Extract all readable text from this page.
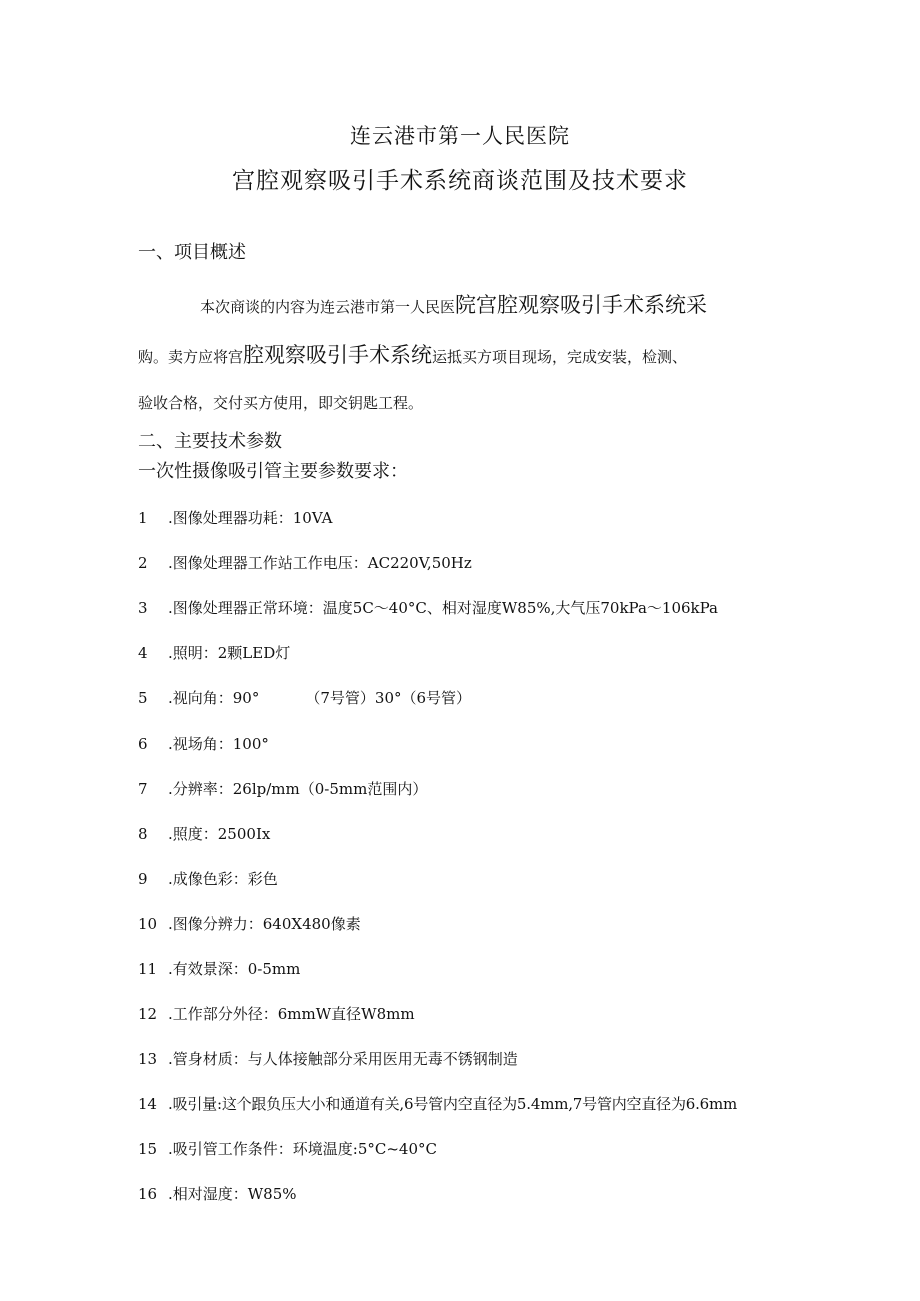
连云港市第一人民医院
宫腔观察吸引手术系统商谈范围及技术要求
一、项目概述
本次商谈的内容为连云港市第一人民医院宫腔观察吸引手术系统采
购。卖方应将宫腔观察吸引手术系统运抵买方项目现场，完成安装，检测、
验收合格，交付买方使用，即交钥匙工程。
二、主要技术参数
一次性摄像吸引管主要参数要求：
1 .图像处理器功耗：10VA
2 .图像处理器工作站工作电压：AC220V,50Hz
3 .图像处理器正常环境：温度5C～40°C、相对湿度W85%,大气压70kPa～106kPa
4 .照明：2颗LED灯
5 .视向角：90°	（7号管）30°（6号管）
6 .视场角：100°
7 .分辨率：26lp∕mm（0-5mm范围内）
8 .照度：2500Ix
9 .成像色彩：彩色
10 .图像分辨力：640X480像素
11 .有效景深：0-5mm
12 .工作部分外径：6mmW直径W8mm
13 .管身材质：与人体接触部分采用医用无毒不锈钢制造
14 .吸引量:这个跟负压大小和通道有关,6号管内空直径为5.4mm,7号管内空直径为6.6mm
15 .吸引管工作条件：环境温度:5°C~40°C
16 .相对湿度：W85%
